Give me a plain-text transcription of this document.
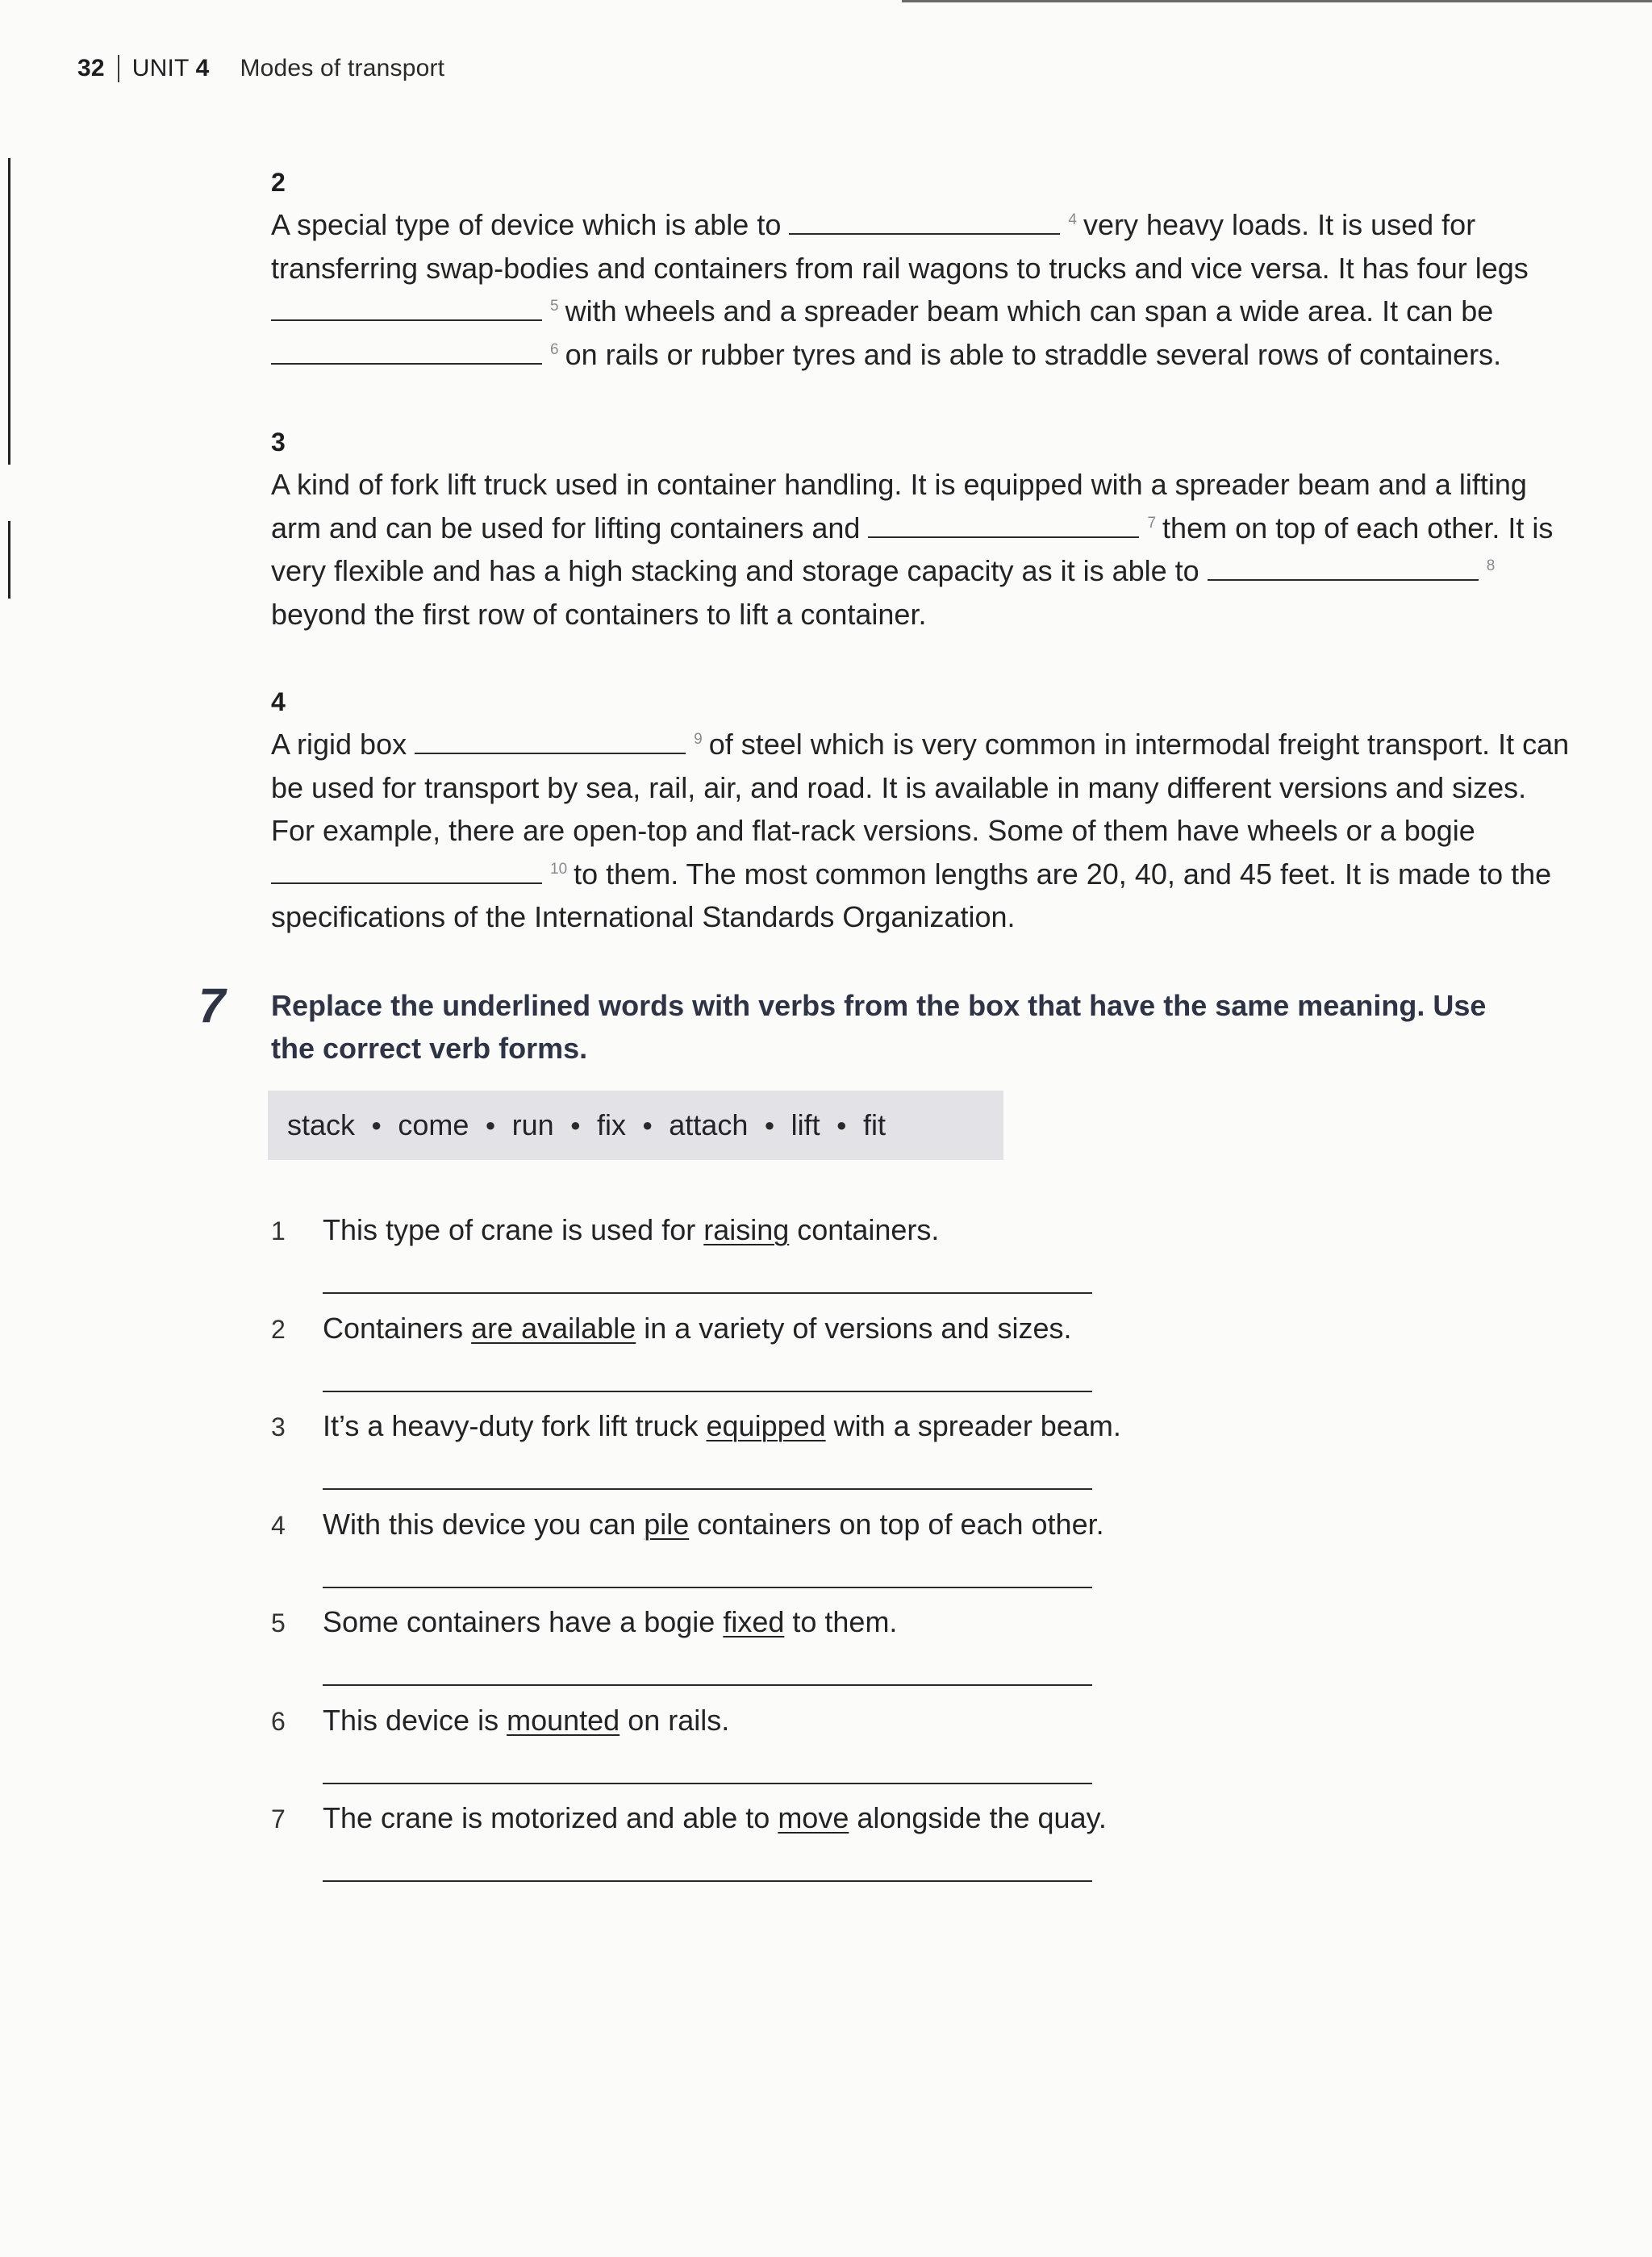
32 UNIT 4 Modes of transport
2
A special type of device which is able to	$^4$ very heavy loads. It is used for transferring swap-bodies and containers from rail wagons to trucks and vice versa. It has four legs
$^5$ with wheels and a spreader beam which can span a wide area. It can be
$^6$ on rails or rubber tyres and is able to straddle several rows of containers.
3
A kind of fork lift truck used in container handling. It is equipped with a spreader beam and a lifting arm and can be used for lifting containers and	$^7$ them on top of each other. It is very flexible and has a high stacking and storage capacity as it is able to	$^8$
beyond the first row of containers to lift a container.
4
A rigid box	$^9$ of steel which is very common in intermodal freight transport. It can be used for transport by sea, rail, air, and road. It is available in many different versions and sizes. For example, there are open-top and flat-rack versions. Some of them have wheels or a bogie $^{10}$ to them. The most common lengths are 20, 40, and 45 feet. It is made to the specifications of the International Standards Organization.
7 Replace the underlined words with verbs from the box that have the same meaning. Use the correct verb forms.
stack ● come ● run ● fix ● attach ● lift ● fit
1 This type of crane is used for raising containers.
2 Containers are available in a variety of versions and sizes.
3 It’s a heavy-duty fork lift truck equipped with a spreader beam.
4 With this device you can pile containers on top of each other.
5 Some containers have a bogie fixed to them.
6 This device is mounted on rails.
7 The crane is motorized and able to move alongside the quay.
